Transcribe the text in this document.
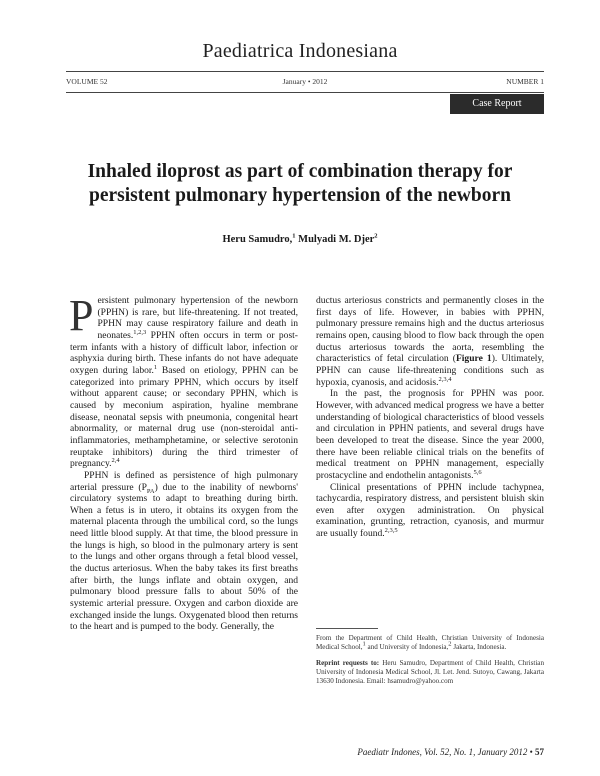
Paediatrica Indonesiana
VOLUME 52	January • 2012	NUMBER 1
Case Report
Inhaled iloprost as part of combination therapy for
persistent pulmonary hypertension of the newborn
Heru Samudro,$^1$ Mulyadi M. Djer$^2$

Persistent pulmonary hypertension of the newborn (PPHN) is rare, but life-threatening. If not treated, PPHN may cause respiratory failure and death in neonates.$^{1,2,3}$ PPHN often occurs in term or post-term infants with a history of difficult labor, infection or asphyxia during birth. These infants do not have adequate oxygen during labor.$^1$ Based on etiology, PPHN can be categorized into primary PPHN, which occurs by itself without apparent cause; or secondary PPHN, which is caused by meconium aspiration, hyaline membrane disease, neonatal sepsis with pneumonia, congenital heart abnormality, or maternal drug use (non-steroidal anti-inflammatories, methamphetamine, or selective serotonin reuptake inhibitors) during the third trimester of pregnancy.$^{2,4}$

PPHN is defined as persistence of high pulmonary arterial pressure $(P_{PA})$ due to the inability of newborns' circulatory systems to adapt to breathing during birth. When a fetus is in utero, it obtains its oxygen from the maternal placenta through the umbilical cord, so the lungs need little blood supply. At that time, the blood pressure in the lungs is high, so blood in the pulmonary artery is sent to the lungs and other organs through a fetal blood vessel, the ductus arteriosus. When the baby takes its first breaths after birth, the lungs inflate and obtain oxygen, and pulmonary blood pressure falls to about 50% of the systemic arterial pressure. Oxygen and carbon dioxide are exchanged inside the lungs. Oxygenated blood then returns to the heart and is pumped to the body. Generally, the

ductus arteriosus constricts and permanently closes in the first days of life. However, in babies with PPHN, pulmonary pressure remains high and the ductus arteriosus remains open, causing blood to flow back through the open ductus arteriosus towards the aorta, resembling the characteristics of fetal circulation (Figure 1). Ultimately, PPHN can cause life-threatening conditions such as hypoxia, cyanosis, and acidosis.$^{2,3,4}$

In the past, the prognosis for PPHN was poor. However, with advanced medical progress we have a better understanding of biological characteristics of blood vessels and circulation in PPHN patients, and several drugs have been developed to treat the disease. Since the year 2000, there have been reliable clinical trials on the benefits of medical treatment on PPHN management, especially prostacycline and endothelin antagonists.$^{5,6}$

Clinical presentations of PPHN include tachypnea, tachycardia, respiratory distress, and persistent bluish skin even after oxygen administration. On physical examination, grunting, retraction, cyanosis, and murmur are usually found.$^{2,3,5}$

From the Department of Child Health, Christian University of Indonesia Medical School,$^1$ and University of Indonesia,$^2$ Jakarta, Indonesia.

Reprint requests to: Heru Samudro, Department of Child Health, Christian University of Indonesia Medical School, Jl. Let. Jend. Sutoyo, Cawang, Jakarta 13630 Indonesia. Email: hsamudro@yahoo.com

Paediatr Indones, Vol. 52, No. 1, January 2012 • 57
